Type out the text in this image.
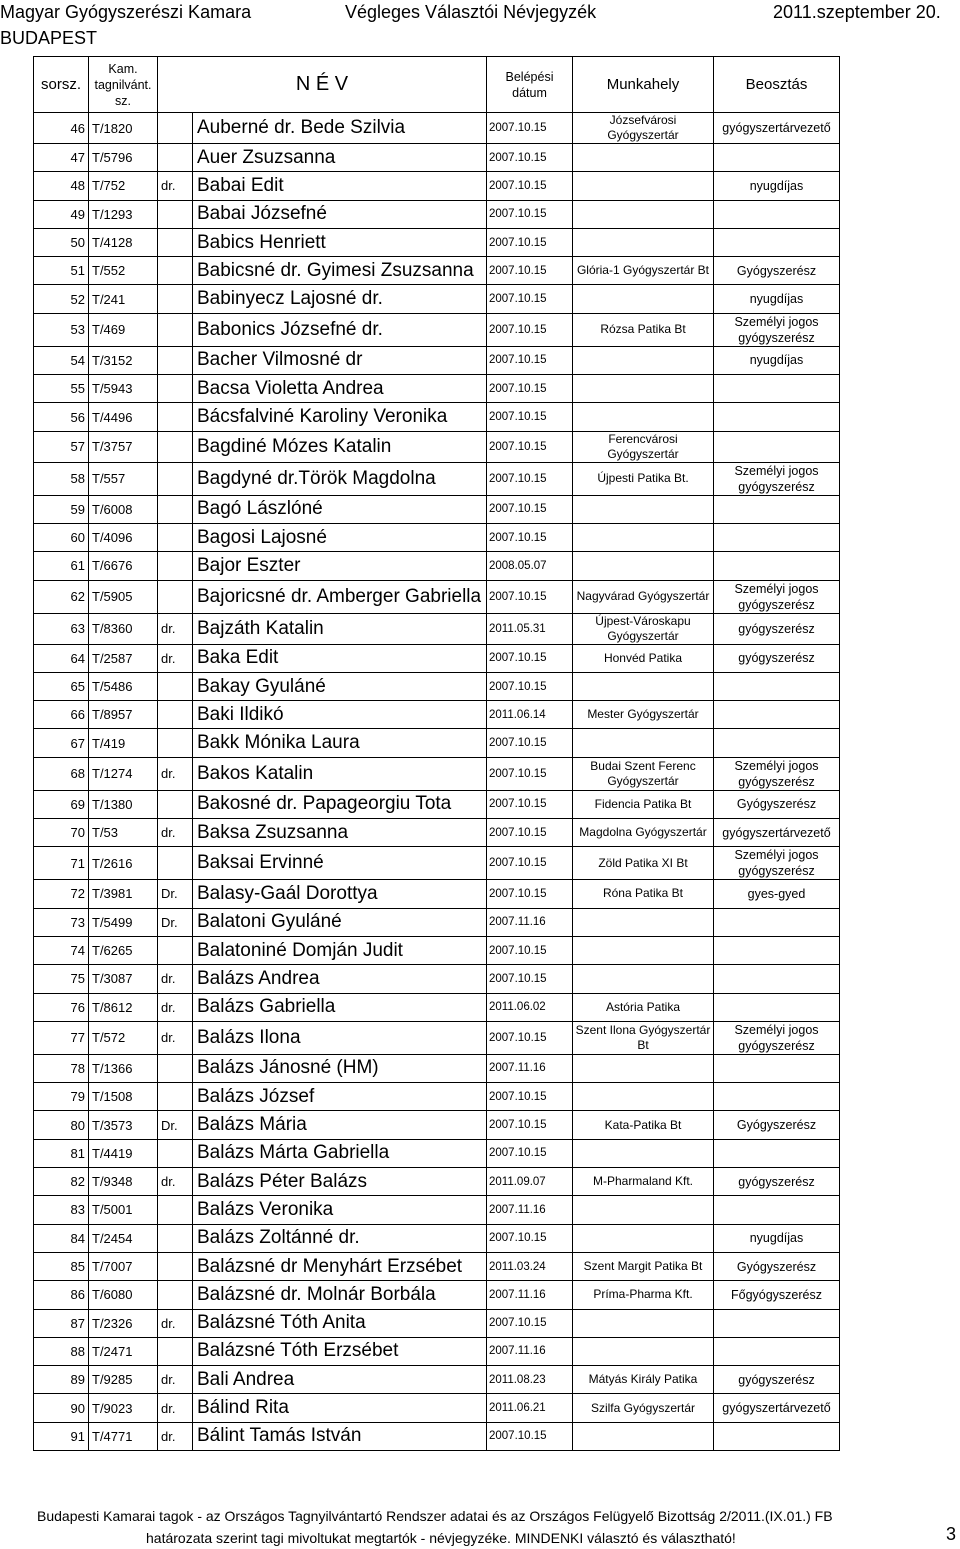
Magyar Gyógyszerészi Kamara
BUDAPEST
Végleges Választói Névjegyzék	2011.szeptember 20.
sorsz.	Kam. tagnilvánt. sz.	N É V		Belépési dátum	Munkahely	Beosztás
46	T/1820		Auberné dr. Bede Szilvia	2007.10.15	Józsefvárosi Gyógyszertár	gyógyszertárvezető
47	T/5796		Auer Zsuzsanna	2007.10.15		
48	T/752	dr.	Babai Edit	2007.10.15		nyugdíjas
49	T/1293		Babai Józsefné	2007.10.15		
50	T/4128		Babics Henriett	2007.10.15		
51	T/552		Babicsné dr. Gyimesi Zsuzsanna	2007.10.15	Glória-1 Gyógyszertár Bt	Gyógyszerész
52	T/241		Babinyecz Lajosné dr.	2007.10.15		nyugdíjas
53	T/469		Babonics Józsefné dr.	2007.10.15	Rózsa Patika Bt	Személyi jogos gyógyszerész
54	T/3152		Bacher Vilmosné dr	2007.10.15		nyugdíjas
55	T/5943		Bacsa Violetta Andrea	2007.10.15		
56	T/4496		Bácsfalviné Karoliny Veronika	2007.10.15		
57	T/3757		Bagdiné Mózes Katalin	2007.10.15	Ferencvárosi Gyógyszertár	
58	T/557		Bagdyné dr.Török Magdolna	2007.10.15	Újpesti Patika Bt.	Személyi jogos gyógyszerész
59	T/6008		Bagó Lászlóné	2007.10.15		
60	T/4096		Bagosi Lajosné	2007.10.15		
61	T/6676		Bajor Eszter	2008.05.07		
62	T/5905		Bajoricsné dr. Amberger Gabriella	2007.10.15	Nagyvárad Gyógyszertár	Személyi jogos gyógyszerész
63	T/8360	dr.	Bajzáth Katalin	2011.05.31	Újpest-Városkapu Gyógyszertár	gyógyszerész
64	T/2587	dr.	Baka Edit	2007.10.15	Honvéd Patika	gyógyszerész
65	T/5486		Bakay Gyuláné	2007.10.15		
66	T/8957		Baki Ildikó	2011.06.14	Mester Gyógyszertár	
67	T/419		Bakk Mónika Laura	2007.10.15		
68	T/1274	dr.	Bakos Katalin	2007.10.15	Budai Szent Ferenc Gyógyszertár	Személyi jogos gyógyszerész
69	T/1380		Bakosné dr. Papageorgiu Tota	2007.10.15	Fidencia Patika Bt	Gyógyszerész
70	T/53	dr.	Baksa Zsuzsanna	2007.10.15	Magdolna Gyógyszertár	gyógyszertárvezető
71	T/2616		Baksai Ervinné	2007.10.15	Zöld Patika XI Bt	Személyi jogos gyógyszerész
72	T/3981	Dr.	Balasy-Gaál Dorottya	2007.10.15	Róna Patika Bt	gyes-gyed
73	T/5499	Dr.	Balatoni Gyuláné	2007.11.16		
74	T/6265		Balatoniné Domján Judit	2007.10.15		
75	T/3087	dr.	Balázs Andrea	2007.10.15		
76	T/8612	dr.	Balázs Gabriella	2011.06.02	Astória Patika	
77	T/572	dr.	Balázs Ilona	2007.10.15	Szent Ilona Gyógyszertár Bt	Személyi jogos gyógyszerész
78	T/1366		Balázs Jánosné (HM)	2007.11.16		
79	T/1508		Balázs József	2007.10.15		
80	T/3573	Dr.	Balázs Mária	2007.10.15	Kata-Patika Bt	Gyógyszerész
81	T/4419		Balázs Márta Gabriella	2007.10.15		
82	T/9348	dr.	Balázs Péter Balázs	2011.09.07	M-Pharmaland Kft.	gyógyszerész
83	T/5001		Balázs Veronika	2007.11.16		
84	T/2454		Balázs Zoltánné dr.	2007.10.15		nyugdíjas
85	T/7007		Balázsné dr Menyhárt Erzsébet	2011.03.24	Szent Margit Patika Bt	Gyógyszerész
86	T/6080		Balázsné dr. Molnár Borbála	2007.11.16	Príma-Pharma Kft.	Főgyógyszerész
87	T/2326	dr.	Balázsné Tóth Anita	2007.10.15		
88	T/2471		Balázsné Tóth Erzsébet	2007.11.16		
89	T/9285	dr.	Bali Andrea	2011.08.23	Mátyás Király Patika	gyógyszerész
90	T/9023	dr.	Bálind Rita	2011.06.21	Szilfa Gyógyszertár	gyógyszertárvezető
91	T/4771	dr.	Bálint Tamás István	2007.10.15		
Budapesti Kamarai tagok - az Országos Tagnyilvántartó Rendszer adatai és az Országos Felügyelő Bizottság 2/2011.(IX.01.) FB
határozata szerint tagi mivoltukat megtartók - névjegyzéke. MINDENKI választó és választható!	3
